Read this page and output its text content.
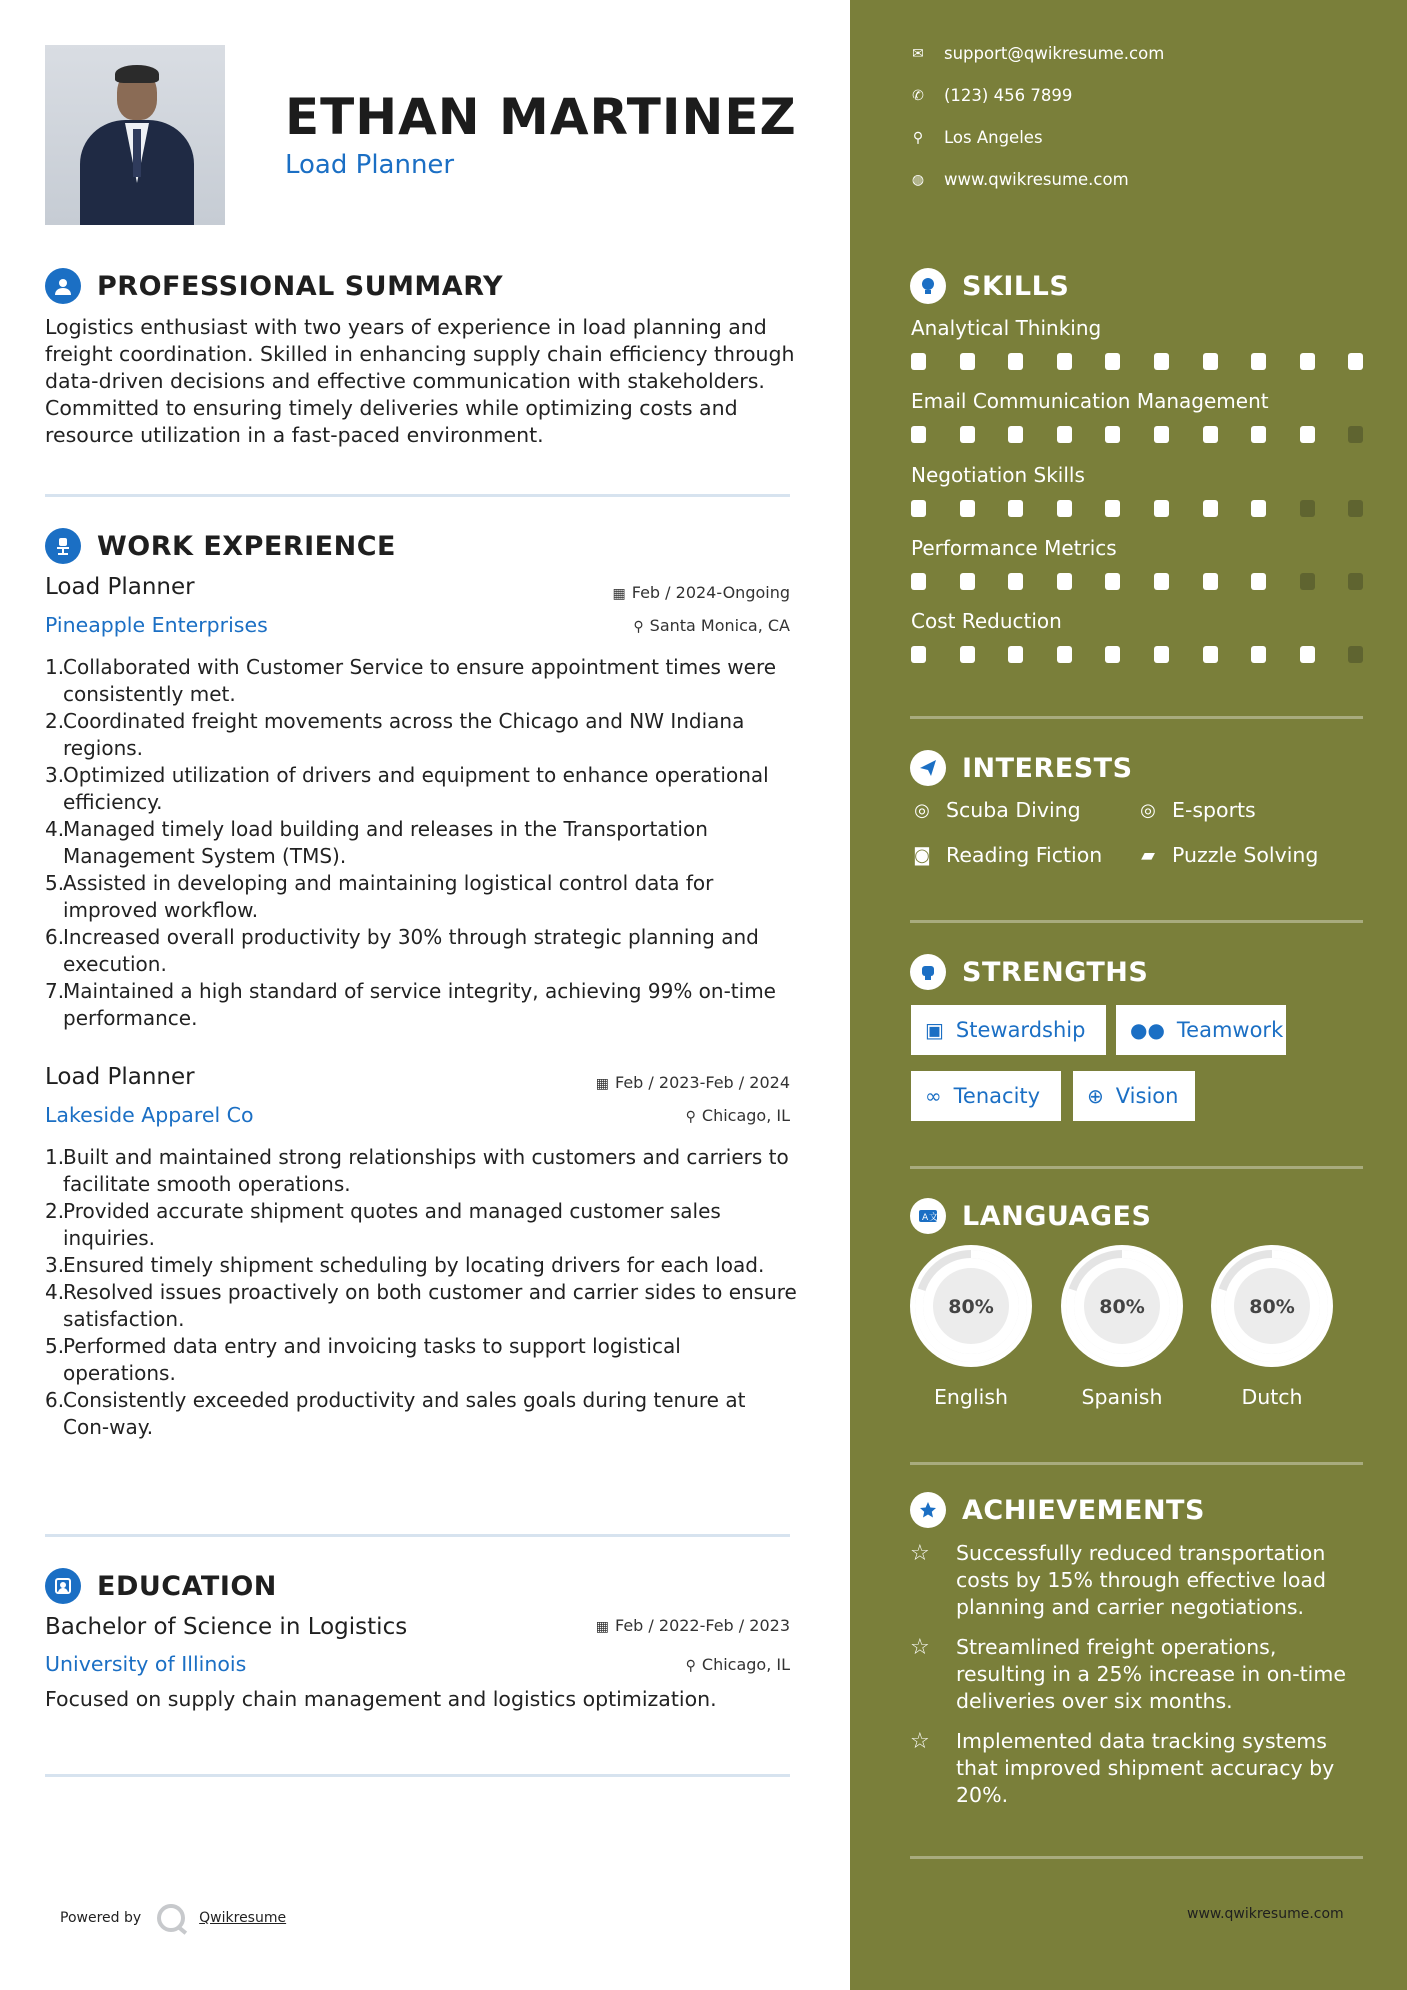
ETHAN MARTINEZ
Load Planner
PROFESSIONAL SUMMARY
Logistics enthusiast with two years of experience in load planning and freight coordination. Skilled in enhancing supply chain efficiency through data-driven decisions and effective communication with stakeholders. Committed to ensuring timely deliveries while optimizing costs and resource utilization in a fast-paced environment.
WORK EXPERIENCE
Load Planner	▦ Feb / 2024-Ongoing
Pineapple Enterprises	⚲ Santa Monica, CA
1.
Collaborated with Customer Service to ensure appointment times were consistently met.
2.
Coordinated freight movements across the Chicago and NW Indiana regions.
3.
Optimized utilization of drivers and equipment to enhance operational efficiency.
4.
Managed timely load building and releases in the Transportation Management System (TMS).
5.
Assisted in developing and maintaining logistical control data for improved workflow.
6.
Increased overall productivity by 30% through strategic planning and execution.
7.
Maintained a high standard of service integrity, achieving 99% on-time performance.
Load Planner	▦ Feb / 2023-Feb / 2024
Lakeside Apparel Co	⚲ Chicago, IL
1.
Built and maintained strong relationships with customers and carriers to facilitate smooth operations.
2.
Provided accurate shipment quotes and managed customer sales inquiries.
3.
Ensured timely shipment scheduling by locating drivers for each load.
4.
Resolved issues proactively on both customer and carrier sides to ensure satisfaction.
5.
Performed data entry and invoicing tasks to support logistical operations.
6.
Consistently exceeded productivity and sales goals during tenure at Con-way.
EDUCATION
Bachelor of Science in Logistics	▦ Feb / 2022-Feb / 2023
University of Illinois	⚲ Chicago, IL
Focused on supply chain management and logistics optimization.
Powered by	Qwikresume
✉ support@qwikresume.com
✆ (123) 456 7899
⚲ Los Angeles
◍ www.qwikresume.com
SKILLS
Analytical Thinking
Email Communication Management
Negotiation Skills
Performance Metrics
Cost Reduction
INTERESTS
◎ Scuba Diving	◎ E-sports
◙ Reading Fiction ▰ Puzzle Solving
STRENGTHS
▣ Stewardship ●● Teamwork
∞ Tenacity ⊕ Vision
A 文 LANGUAGES
80%
English
80%
Spanish
80%
Dutch
ACHIEVEMENTS
☆	Successfully reduced transportation costs by 15% through effective load planning and carrier negotiations.
☆	Streamlined freight operations, resulting in a 25% increase in on-time deliveries over six months.
☆	Implemented data tracking systems that improved shipment accuracy by 20%.
www.qwikresume.com
